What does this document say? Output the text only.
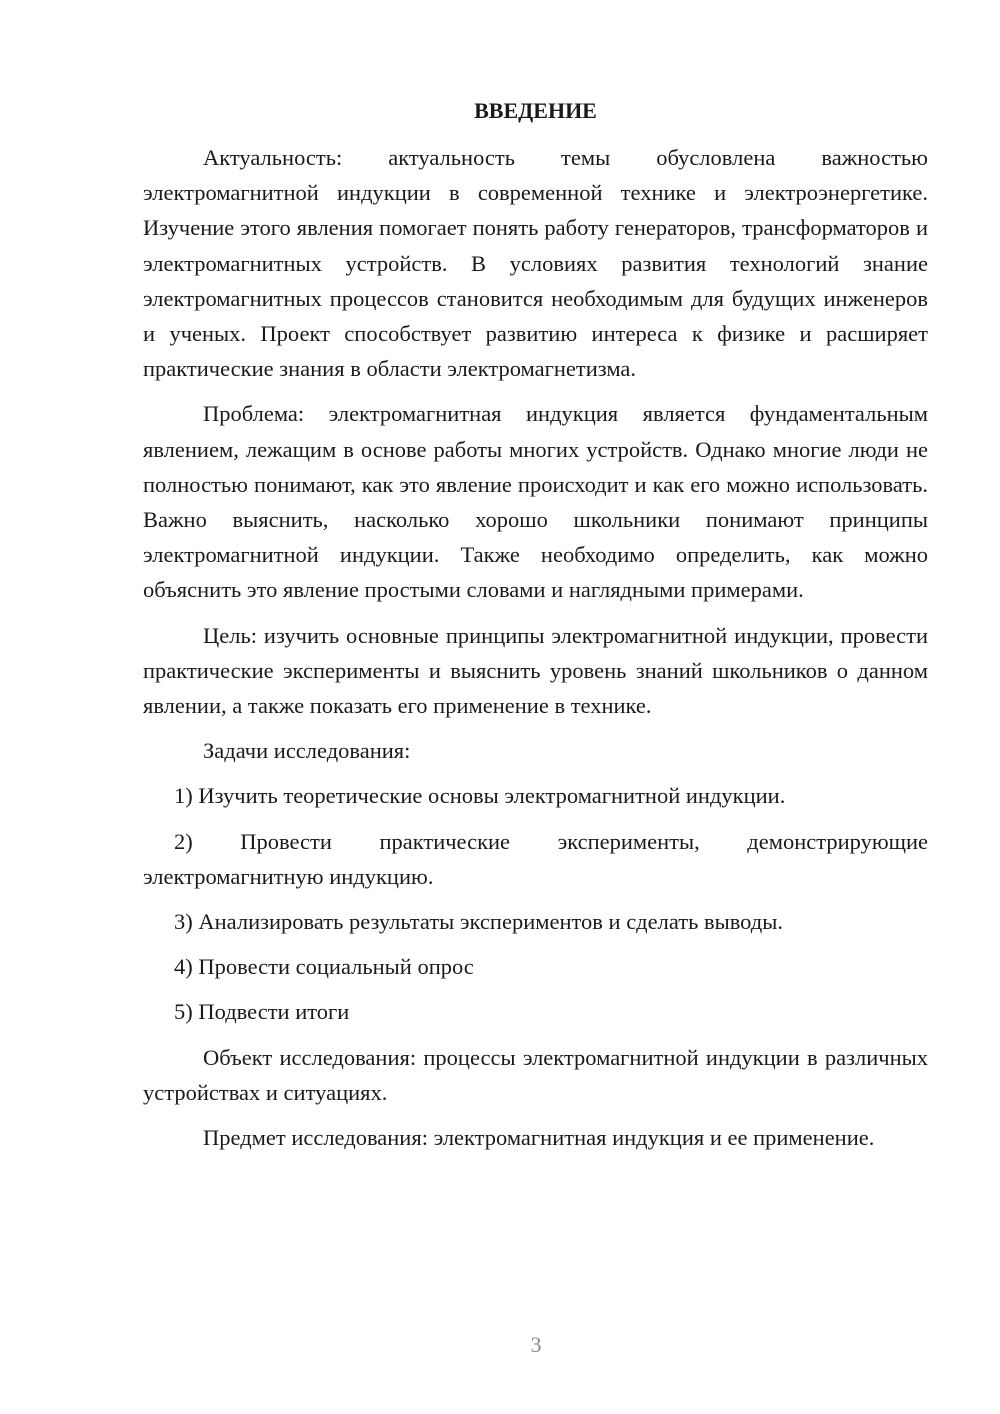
ВВЕДЕНИЕ

Актуальность: актуальность темы обусловлена важностью электромагнитной индукции в современной технике и электроэнергетике. Изучение этого явления помогает понять работу генераторов, трансформаторов и электромагнитных устройств. В условиях развития технологий знание электромагнитных процессов становится необходимым для будущих инженеров и ученых. Проект способствует развитию интереса к физике и расширяет практические знания в области электромагнетизма.

Проблема: электромагнитная индукция является фундаментальным явлением, лежащим в основе работы многих устройств. Однако многие люди не полностью понимают, как это явление происходит и как его можно использовать. Важно выяснить, насколько хорошо школьники понимают принципы электромагнитной индукции. Также необходимо определить, как можно объяснить это явление простыми словами и наглядными примерами.

Цель: изучить основные принципы электромагнитной индукции, провести практические эксперименты и выяснить уровень знаний школьников о данном явлении, а также показать его применение в технике.

Задачи исследования:

1) Изучить теоретические основы электромагнитной индукции.

2) Провести практические эксперименты, демонстрирующие электромагнитную индукцию.

3) Анализировать результаты экспериментов и сделать выводы.

4) Провести социальный опрос

5) Подвести итоги

Объект исследования: процессы электромагнитной индукции в различных устройствах и ситуациях.

Предмет исследования: электромагнитная индукция и ее применение.

3
